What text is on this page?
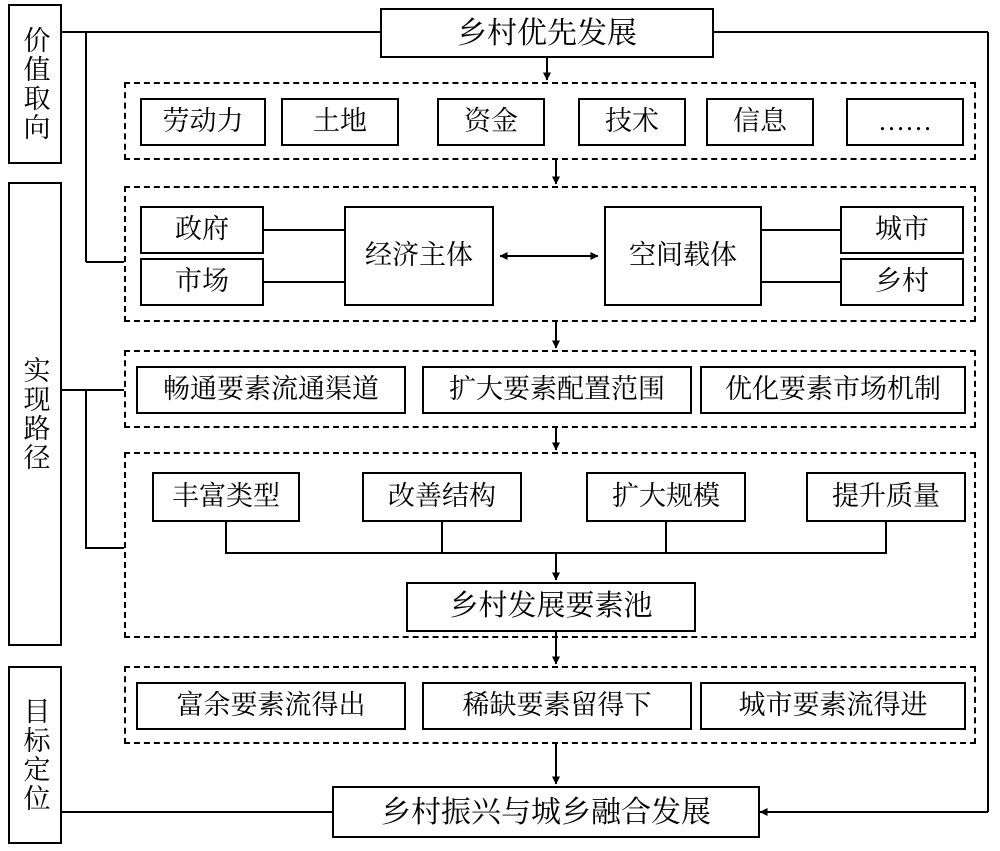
价值取向
实现路径
目标定位
乡村优先发展
劳动力	土地	资金	技术	信息	……
政府
市场
经济主体	空间载体
城市
乡村
畅通要素流通渠道	扩大要素配置范围	优化要素市场机制
丰富类型	改善结构	扩大规模	提升质量
乡村发展要素池
富余要素流得出	稀缺要素留得下	城市要素流得进
乡村振兴与城乡融合发展
